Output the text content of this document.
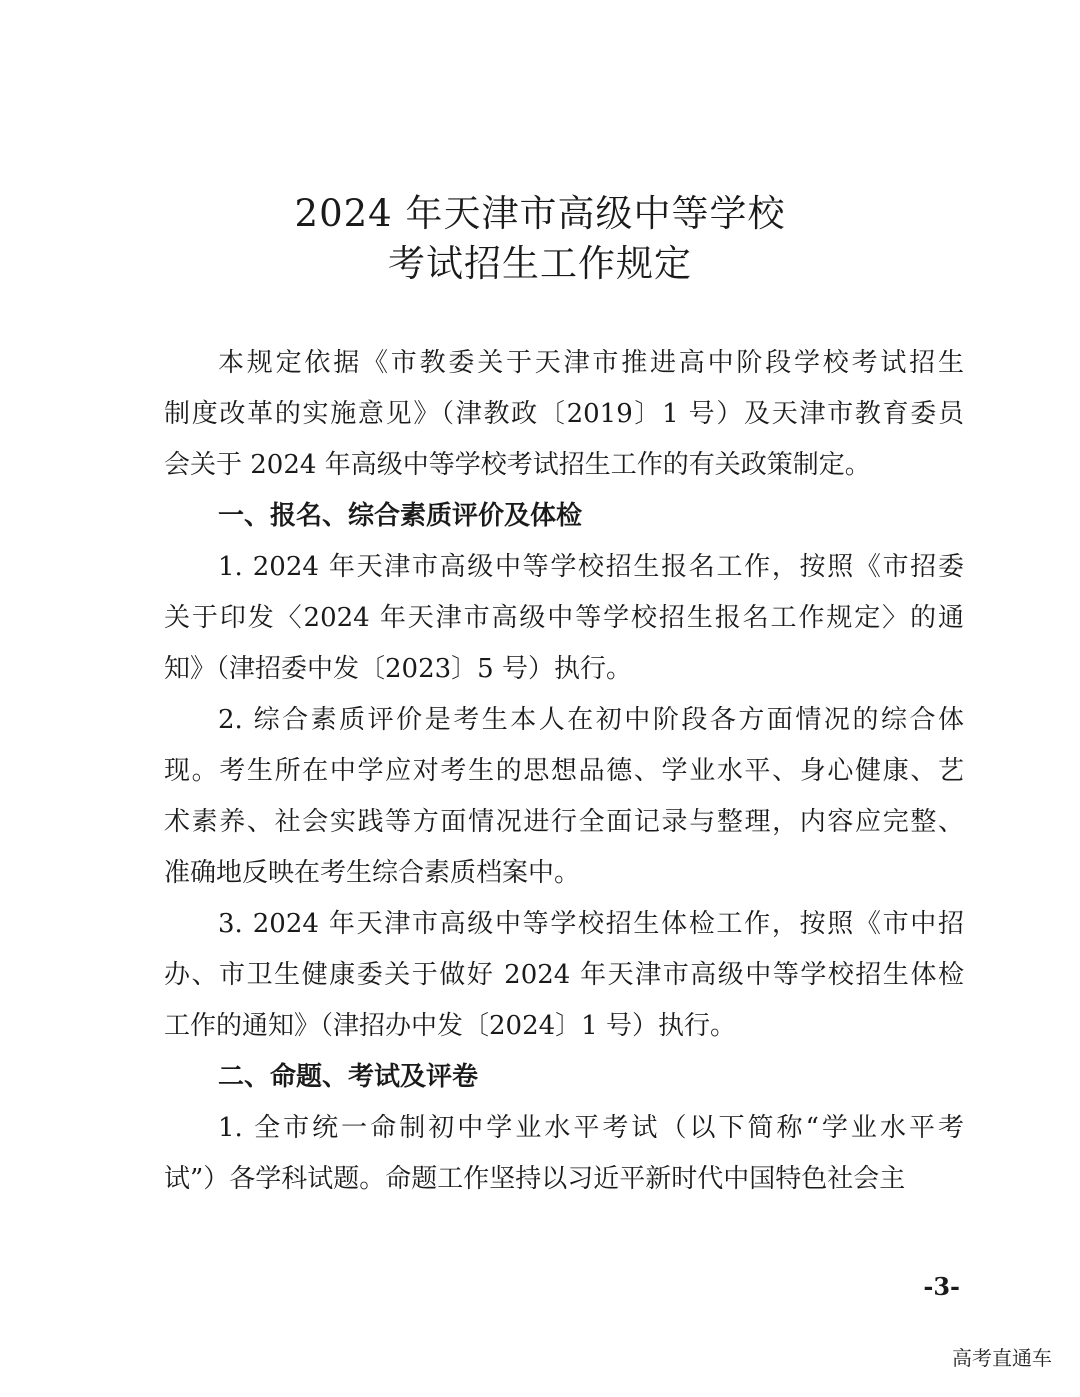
2024 年天津市高级中等学校
考试招生工作规定
本规定依据《市教委关于天津市推进高中阶段学校考试招生
制度改革的实施意见》（津教政〔2019〕1 号）及天津市教育委员
会关于 2024 年高级中等学校考试招生工作的有关政策制定。
一、报名、综合素质评价及体检
1. 2024 年天津市高级中等学校招生报名工作，按照《市招委
关于印发〈2024 年天津市高级中等学校招生报名工作规定〉的通
知》（津招委中发〔2023〕5 号）执行。
2. 综合素质评价是考生本人在初中阶段各方面情况的综合体
现。考生所在中学应对考生的思想品德、学业水平、身心健康、艺
术素养、社会实践等方面情况进行全面记录与整理，内容应完整、
准确地反映在考生综合素质档案中。
3. 2024 年天津市高级中等学校招生体检工作，按照《市中招
办、市卫生健康委关于做好 2024 年天津市高级中等学校招生体检
工作的通知》（津招办中发〔2024〕1 号）执行。
二、命题、考试及评卷
1. 全市统一命制初中学业水平考试（以下简称“学业水平考
试”）各学科试题。命题工作坚持以习近平新时代中国特色社会主
-3-
高考直通车
